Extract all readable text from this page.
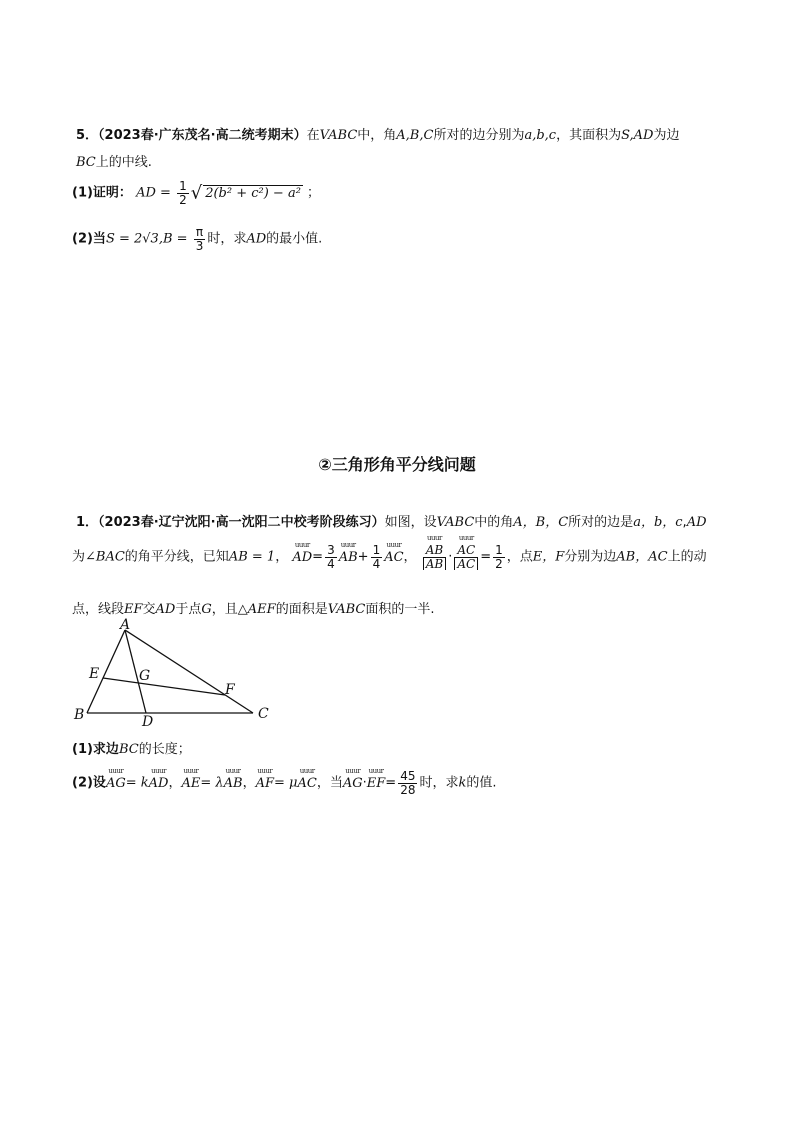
5．（2023春·广东茂名·高二统考期末）在VABC中，角A,B,C所对的边分别为a,b,c，其面积为S,AD为边
BC上的中线.
(1)证明： AD = $\frac{1}{2}$ √ 2(b² + c²) − a² ；
(2)当$S = 2√3,B = \frac{\pi}{3}$ 时，求AD的最小值.
②三角形角平分线问题
1．（2023春·辽宁沈阳·高一沈阳二中校考阶段练习）如图，设VABC中的角A，B，C所对的边是a，b，c,AD
为∠BAC的角平分线，已知AB = 1， uuur $AD= \frac{3}{4}$ uuur $AB+ \frac{1}{4}$ uuur AC， uuur $\frac{AB}{AB}$ · uuur $\frac{AC}{AC} = \frac{1}{2}$ ，点E，F分别为边AB，AC上的动
点，线段EF交AD于点G，且△AEF的面积是VABC面积的一半.
A
B	C
D
E
F
G
(1)求边BC的长度；
(2)设uuur AG= kuuur AD，uuur AE= λuuur AB，uuur AF= μuuur AC，当uuur AG·uuur $EF= \frac{45}{28}$ 时，求k的值.
